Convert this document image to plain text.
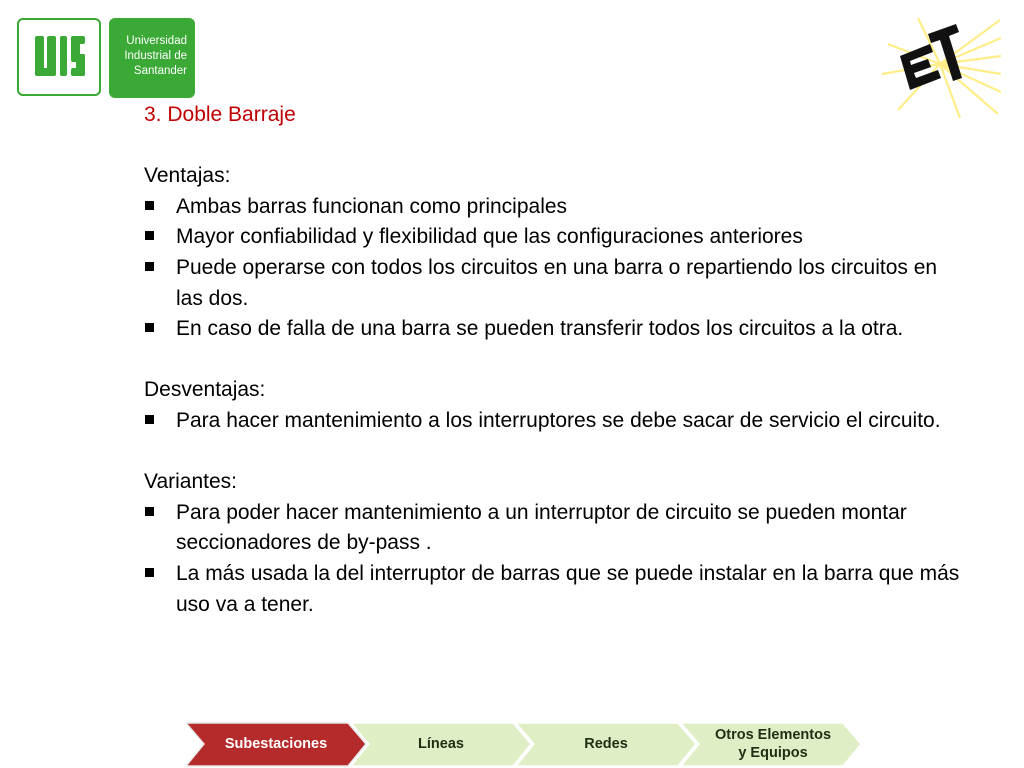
Universidad
Industrial de
Santander

3. Doble Barraje

Ventajas:

Ambas barras funcionan como principales
Mayor confiabilidad y flexibilidad que las configuraciones anteriores
Puede operarse con todos los circuitos en una barra o repartiendo los circuitos en las dos.
En caso de falla de una barra se pueden transferir todos los circuitos a la otra.

Desventajas:

Para hacer mantenimiento a los interruptores se debe sacar de servicio el circuito.

Variantes:

Para poder hacer mantenimiento a un interruptor de circuito se pueden montar seccionadores de by-pass .
La más usada la del interruptor de barras que se puede instalar en la barra que más uso va a tener.
Subestaciones	Líneas	Redes
Otros Elementos
y Equipos
